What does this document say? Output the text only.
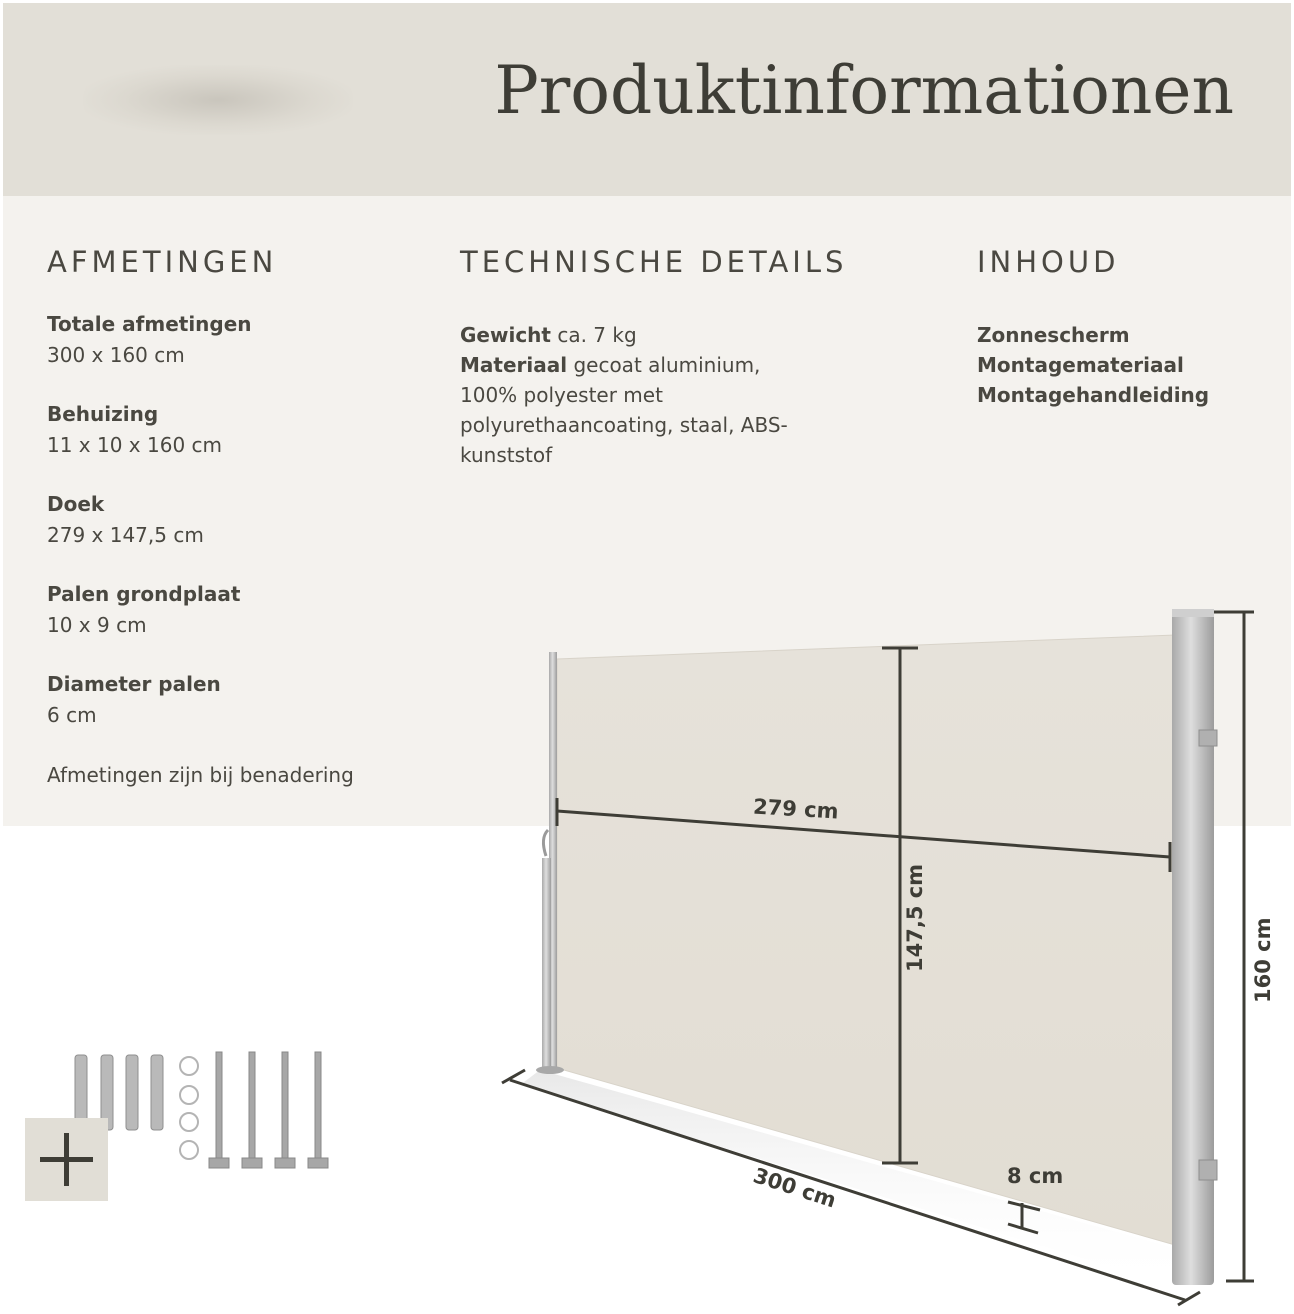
Produktinformationen
AFMETINGEN	TECHNISCHE DETAILS	INHOUD
Totale afmetingen
300 x 160 cm
Behuizing
11 x 10 x 160 cm
Doek
279 x 147,5 cm
Palen grondplaat
10 x 9 cm
Diameter palen
6 cm
Afmetingen zijn bij benadering
Gewicht ca. 7 kg
Materiaal gecoat aluminium, 100% polyester met polyurethaancoating, staal, ABS-kunststof
Zonnescherm
Montagemateriaal
Montagehandleiding
279 cm
147,5 cm	160 cm
300 cm	8 cm
